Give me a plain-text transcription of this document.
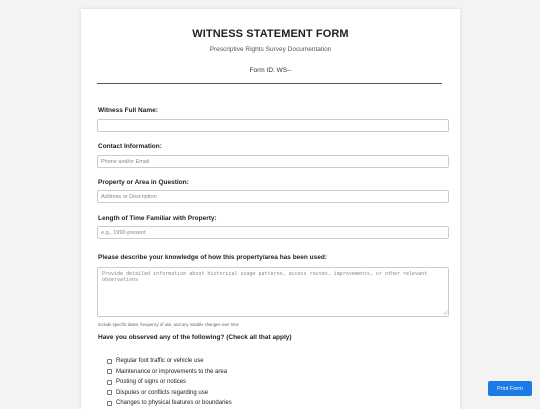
WITNESS STATEMENT FORM
Prescriptive Rights Survey Documentation
Form ID: WS--
Witness Full Name:
Contact Information:
Phone and/or Email
Property or Area in Question:
Address or Description
Length of Time Familiar with Property:
e.g., 1990-present
Please describe your knowledge of how this property/area has been used:
Provide detailed information about historical usage patterns, access routes, improvements, or other relevant observations
Include specific dates, frequency of use, and any notable changes over time
Have you observed any of the following? (Check all that apply)
Regular foot traffic or vehicle use
Maintenance or improvements to the area
Posting of signs or notices
Disputes or conflicts regarding use
Changes to physical features or boundaries
Print Form
